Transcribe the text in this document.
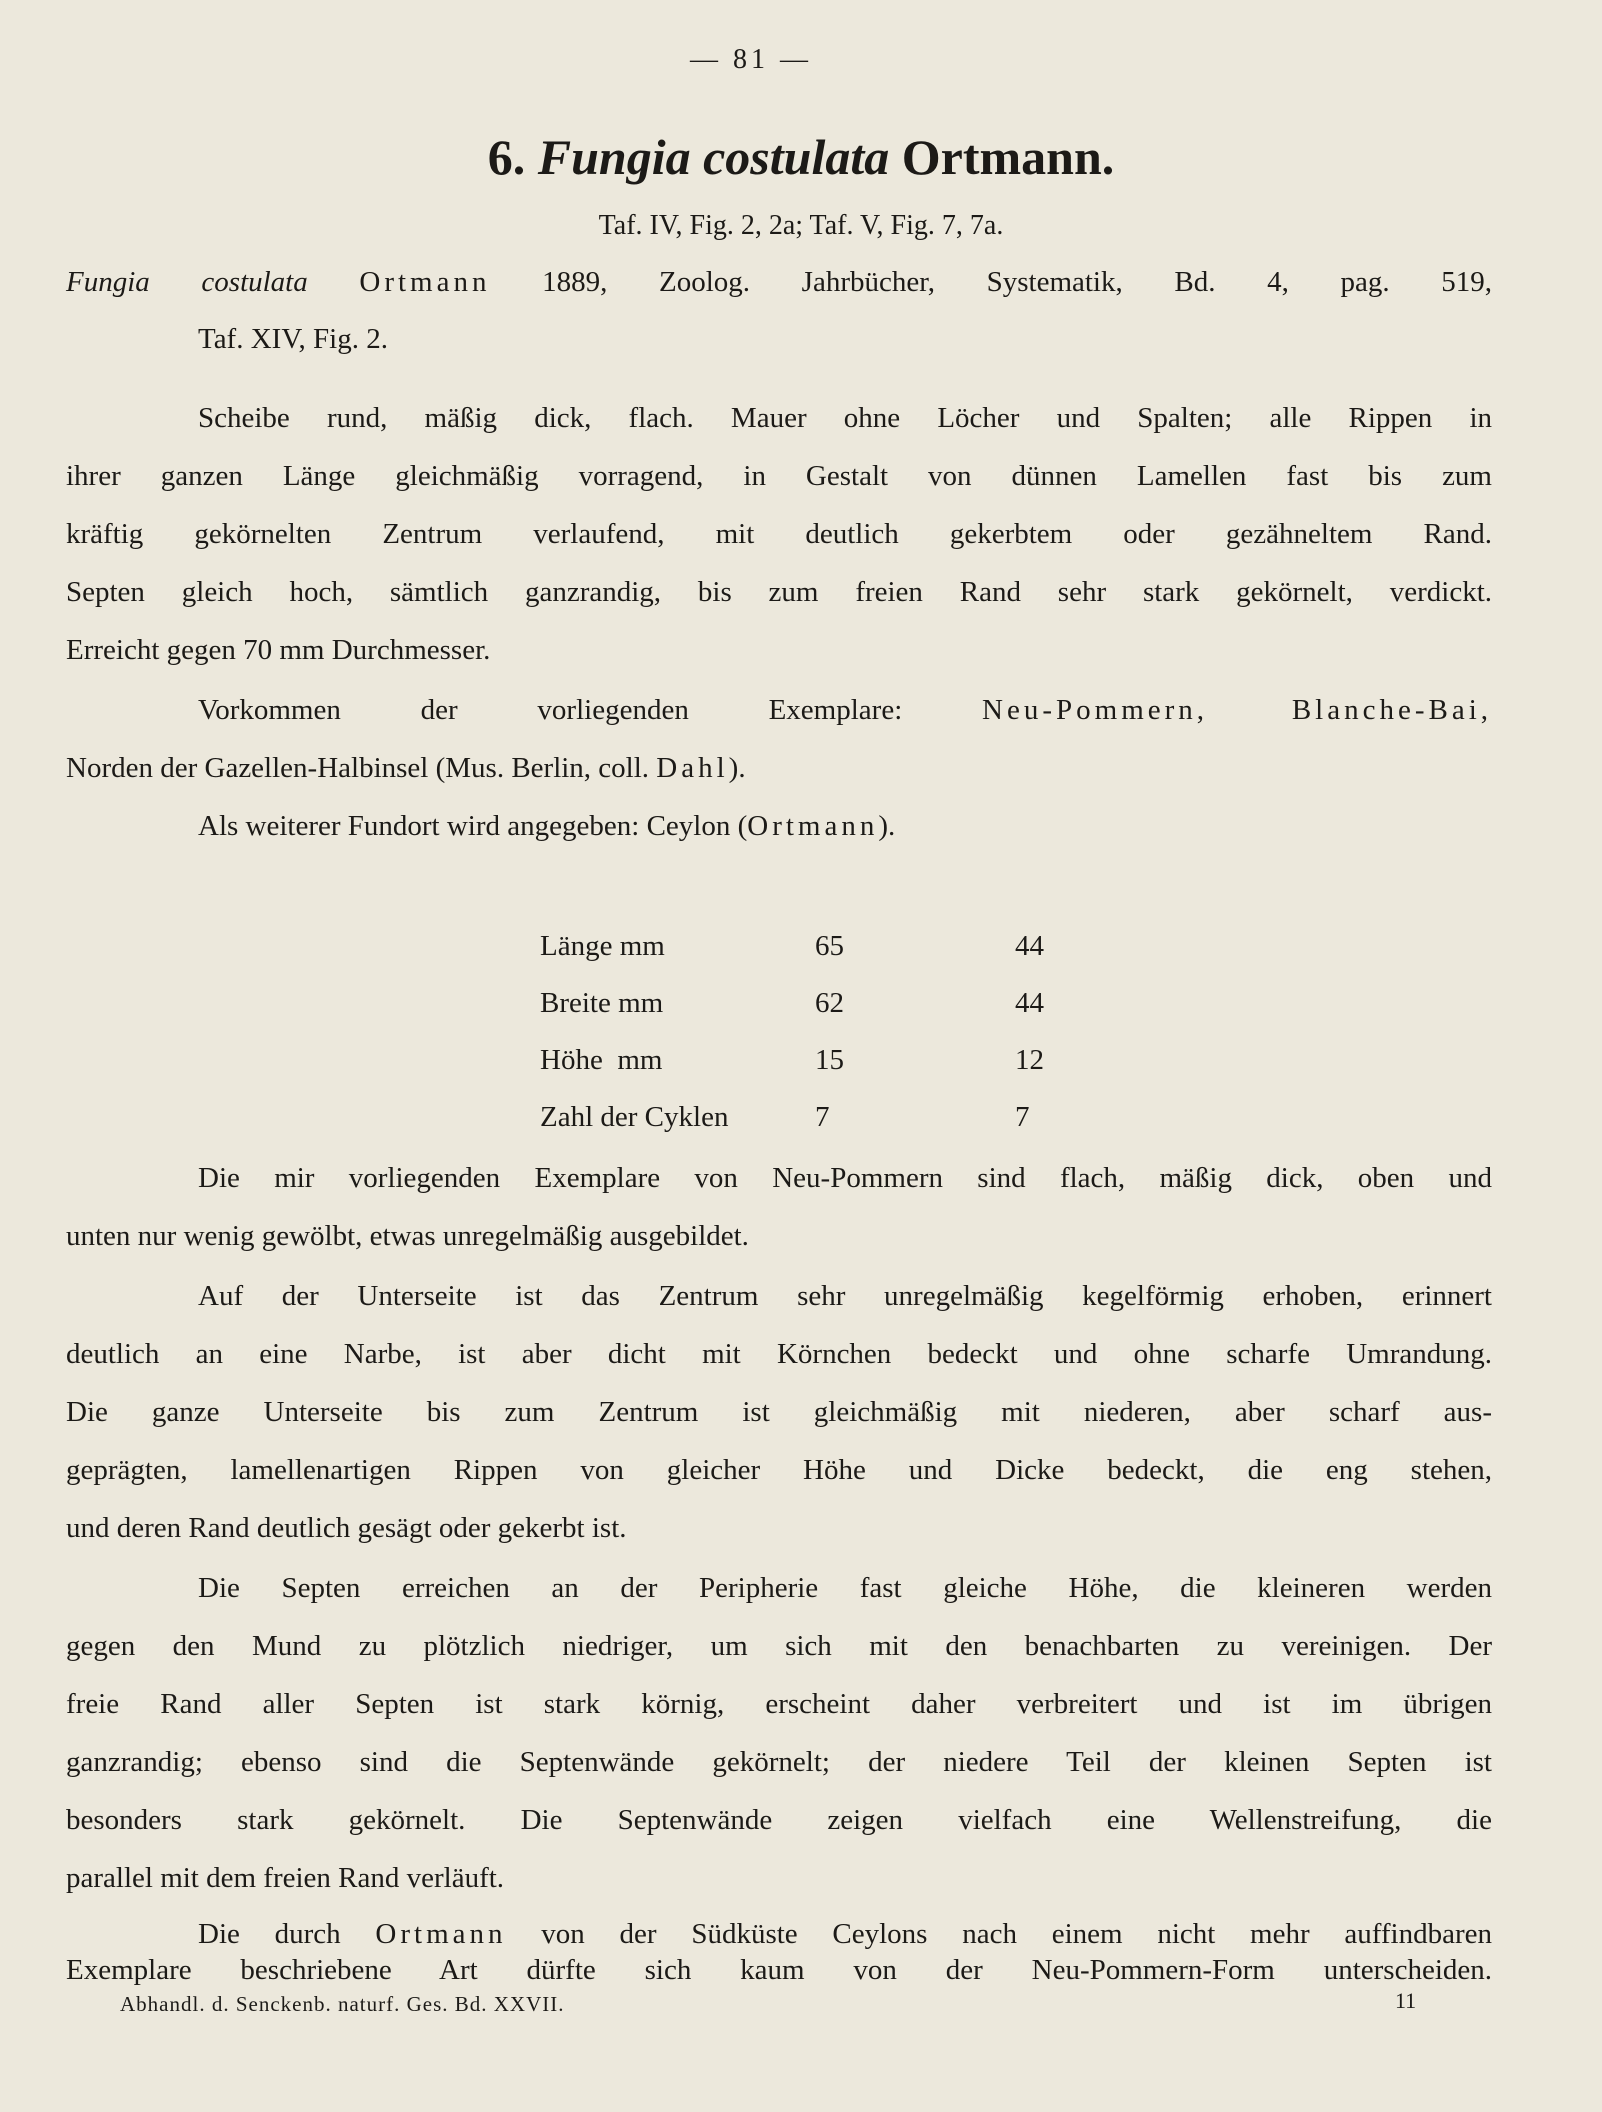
— 81 —
6. Fungia costulata Ortmann.
Taf. IV, Fig. 2, 2a; Taf. V, Fig. 7, 7a.
Fungia costulata Ortmann 1889, Zoolog. Jahrbücher, Systematik, Bd. 4, pag. 519,
Taf. XIV, Fig. 2.
Scheibe rund, mäßig dick, flach. Mauer ohne Löcher und Spalten; alle Rippen in
ihrer ganzen Länge gleichmäßig vorragend, in Gestalt von dünnen Lamellen fast bis zum
kräftig gekörnelten Zentrum verlaufend, mit deutlich gekerbtem oder gezähneltem Rand.
Septen gleich hoch, sämtlich ganzrandig, bis zum freien Rand sehr stark gekörnelt, verdickt.
Erreicht gegen 70 mm Durchmesser.
Vorkommen der vorliegenden Exemplare:	Neu-Pommern, Blanche-Bai,
Norden der Gazellen-Halbinsel (Mus. Berlin, coll. Dahl).
Als weiterer Fundort wird angegeben: Ceylon (Ortmann).
Länge mm	65	44
Breite mm	62	44
Höhe  mm	15	12
Zahl der Cyklen	7	7
Die mir vorliegenden Exemplare von Neu-Pommern sind flach, mäßig dick, oben und
unten nur wenig gewölbt, etwas unregelmäßig ausgebildet.
Auf der Unterseite ist das Zentrum sehr unregelmäßig kegelförmig erhoben, erinnert
deutlich an eine Narbe, ist aber dicht mit Körnchen bedeckt und ohne scharfe Umrandung.
Die ganze Unterseite bis zum Zentrum ist gleichmäßig mit niederen, aber scharf aus-
geprägten, lamellenartigen Rippen von gleicher Höhe und Dicke bedeckt, die eng stehen,
und deren Rand deutlich gesägt oder gekerbt ist.
Die Septen erreichen an der Peripherie fast gleiche Höhe, die kleineren werden
gegen den Mund zu plötzlich niedriger, um sich mit den benachbarten zu vereinigen. Der
freie Rand aller Septen ist stark körnig, erscheint daher verbreitert und ist im übrigen
ganzrandig; ebenso sind die Septenwände gekörnelt; der niedere Teil der kleinen Septen ist
besonders stark gekörnelt. Die Septenwände zeigen vielfach eine Wellenstreifung, die
parallel mit dem freien Rand verläuft.
Die durch Ortmann von der Südküste Ceylons nach einem nicht mehr auffindbaren
Exemplare beschriebene Art dürfte sich kaum von der Neu-Pommern-Form unterscheiden.
Abhandl. d. Senckenb. naturf. Ges. Bd. XXVII.	11
